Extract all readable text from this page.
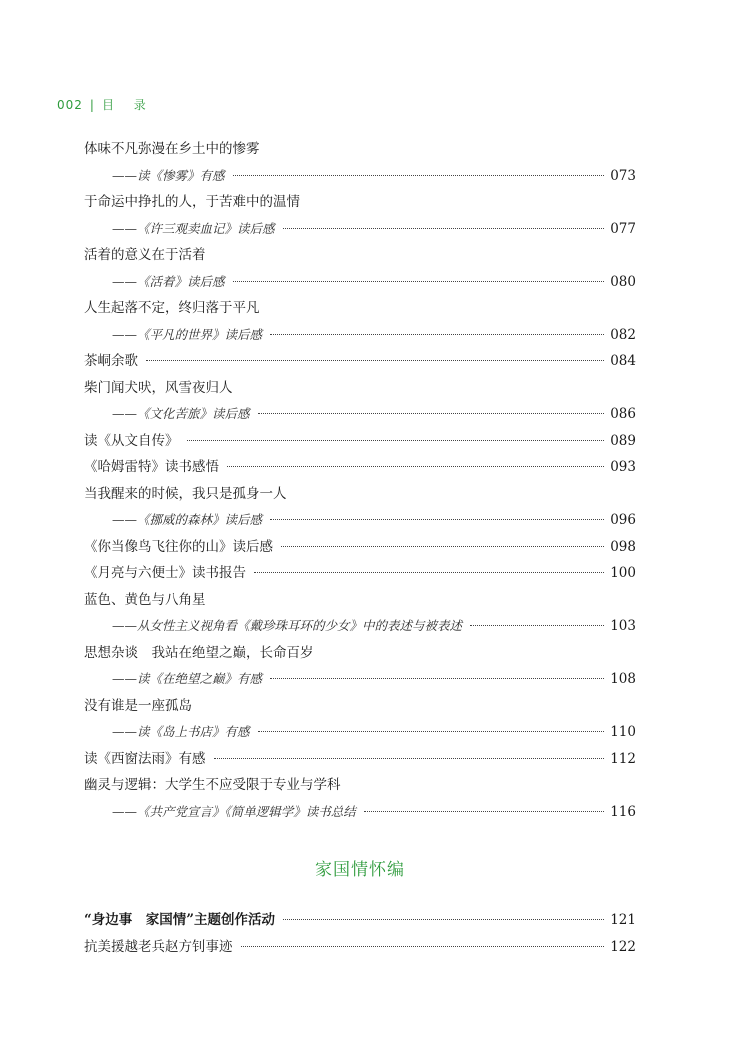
002 | 目 录
体味不凡弥漫在乡土中的惨雾
——读《惨雾》有感	073
于命运中挣扎的人，于苦难中的温情
——《许三观卖血记》读后感	077
活着的意义在于活着
——《活着》读后感	080
人生起落不定，终归落于平凡
——《平凡的世界》读后感	082
茶峒余歌	084
柴门闻犬吠，风雪夜归人
——《文化苦旅》读后感	086
读《从文自传》	089
《哈姆雷特》读书感悟	093
当我醒来的时候，我只是孤身一人
——《挪威的森林》读后感	096
《你当像鸟飞往你的山》读后感	098
《月亮与六便士》读书报告	100
蓝色、黄色与八角星
——从女性主义视角看《戴珍珠耳环的少女》中的表述与被表述	103
思想杂谈　我站在绝望之巅，长命百岁
——读《在绝望之巅》有感	108
没有谁是一座孤岛
——读《岛上书店》有感	110
读《西窗法雨》有感	112
幽灵与逻辑：大学生不应受限于专业与学科
——《共产党宣言》《简单逻辑学》读书总结	116
家国情怀编
“身边事　家国情”主题创作活动	121
抗美援越老兵赵方钊事迹	122
